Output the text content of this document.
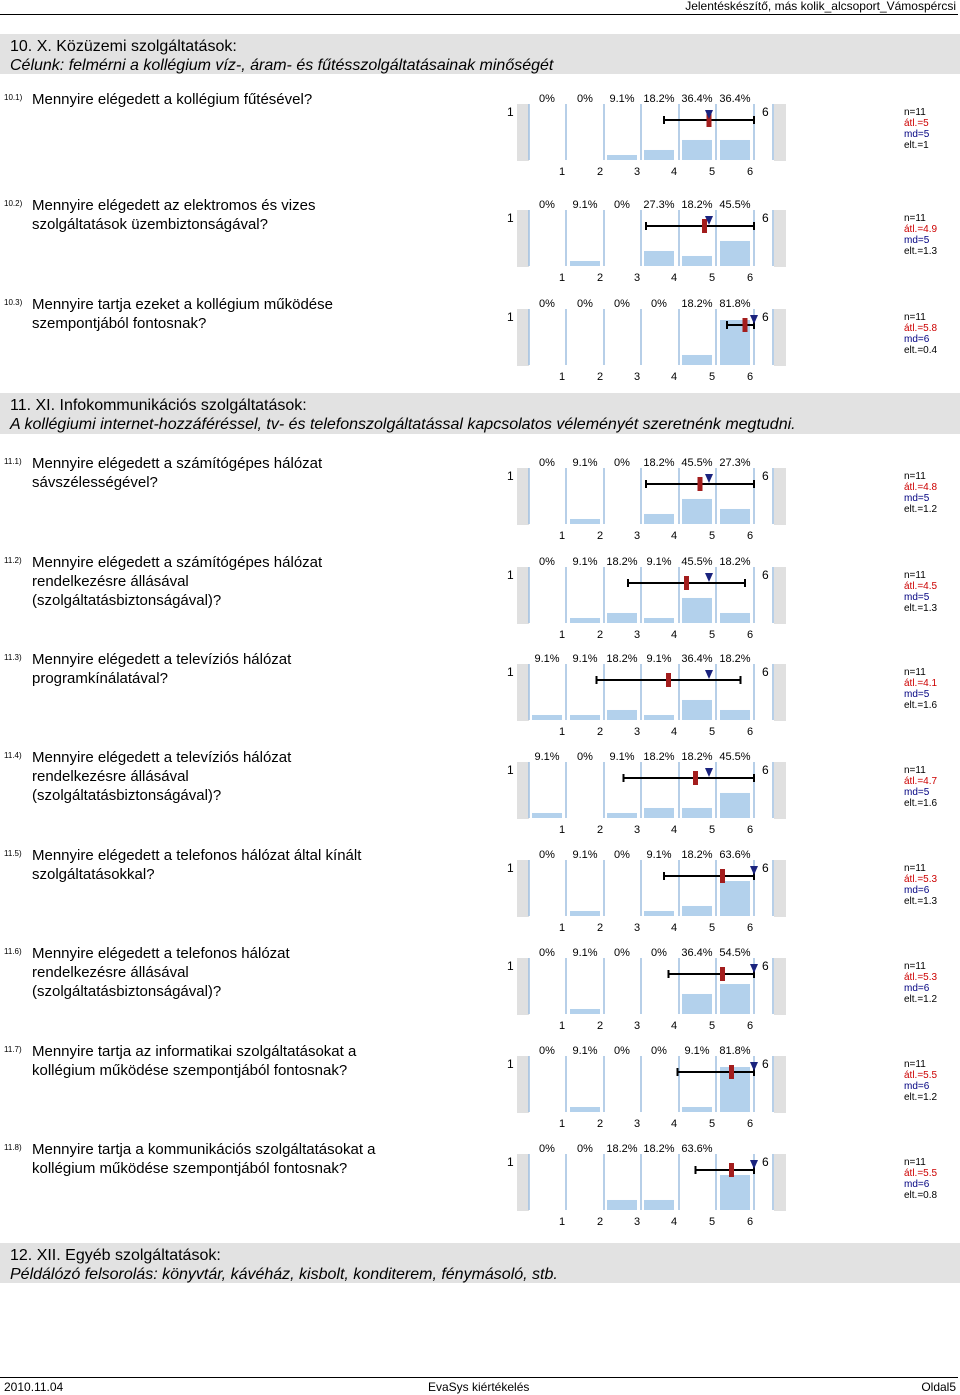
Jelentéskészítő, más kolik_alcsoport_Vámospércsi
10. X. Közüzemi szolgáltatások:
Célunk: felmérni a kollégium víz-, áram- és fűtésszolgáltatásainak minőségét
11. XI. Infokommunikációs szolgáltatások:
A kollégiumi internet-hozzáféréssel, tv- és telefonszolgáltatással kapcsolatos véleményét szeretnénk megtudni.
12. XII. Egyéb szolgáltatások:
Példálózó felsorolás: könyvtár, kávéház, kisbolt, konditerem, fénymásoló, stb.
10.1) Mennyire elégedett a kollégium fűtésével?
1	6
0% 0% 9.1% 18.2% 36.4% 36.4%
1	2	3	4	5	6
n=11
átl.=5
md=5
elt.=1
10.2) Mennyire elégedett az elektromos és vizes szolgáltatások üzembiztonságával?	1	6
0% 9.1% 0% 27.3% 18.2% 45.5%
1	2	3	4	5	6
n=11
átl.=4.9
md=5
elt.=1.3
10.3) Mennyire tartja ezeket a kollégium működése szempontjából fontosnak?	1	6
0% 0% 0% 0% 18.2% 81.8%
1	2	3	4	5	6
n=11
átl.=5.8
md=6
elt.=0.4
11.1) Mennyire elégedett a számítógépes hálózat sávszélességével?	1	6
0% 9.1% 0% 18.2% 45.5% 27.3%
1	2	3	4	5	6
n=11
átl.=4.8
md=5
elt.=1.2
11.2) Mennyire elégedett a számítógépes hálózat rendelkezésre állásával (szolgáltatásbiztonságával)?
1	6
0% 9.1% 18.2% 9.1% 45.5% 18.2%
1	2	3	4	5	6
n=11
átl.=4.5
md=5
elt.=1.3
11.3) Mennyire elégedett a televíziós hálózat programkínálatával?	1	6
9.1% 9.1% 18.2% 9.1% 36.4% 18.2%
1	2	3	4	5	6
n=11
átl.=4.1
md=5
elt.=1.6
11.4) Mennyire elégedett a televíziós hálózat rendelkezésre állásával (szolgáltatásbiztonságával)?
1	6
9.1% 0% 9.1% 18.2% 18.2% 45.5%
1	2	3	4	5	6
n=11
átl.=4.7
md=5
elt.=1.6
11.5) Mennyire elégedett a telefonos hálózat által kínált szolgáltatásokkal?	1	6
0% 9.1% 0% 9.1% 18.2% 63.6%
1	2	3	4	5	6
n=11
átl.=5.3
md=6
elt.=1.3
11.6) Mennyire elégedett a telefonos hálózat rendelkezésre állásával (szolgáltatásbiztonságával)?
1	6
0% 9.1% 0% 0% 36.4% 54.5%
1	2	3	4	5	6
n=11
átl.=5.3
md=6
elt.=1.2
11.7) Mennyire tartja az informatikai szolgáltatásokat a kollégium működése szempontjából fontosnak?	1	6
0% 9.1% 0% 0% 9.1% 81.8%
1	2	3	4	5	6
n=11
átl.=5.5
md=6
elt.=1.2
11.8) Mennyire tartja a kommunikációs szolgáltatásokat a kollégium működése szempontjából fontosnak?	1	6
0% 0% 18.2% 18.2% 63.6%
1	2	3	4	5	6
n=11
átl.=5.5
md=6
elt.=0.8
2010.11.04	EvaSys kiértékelés	Oldal5
